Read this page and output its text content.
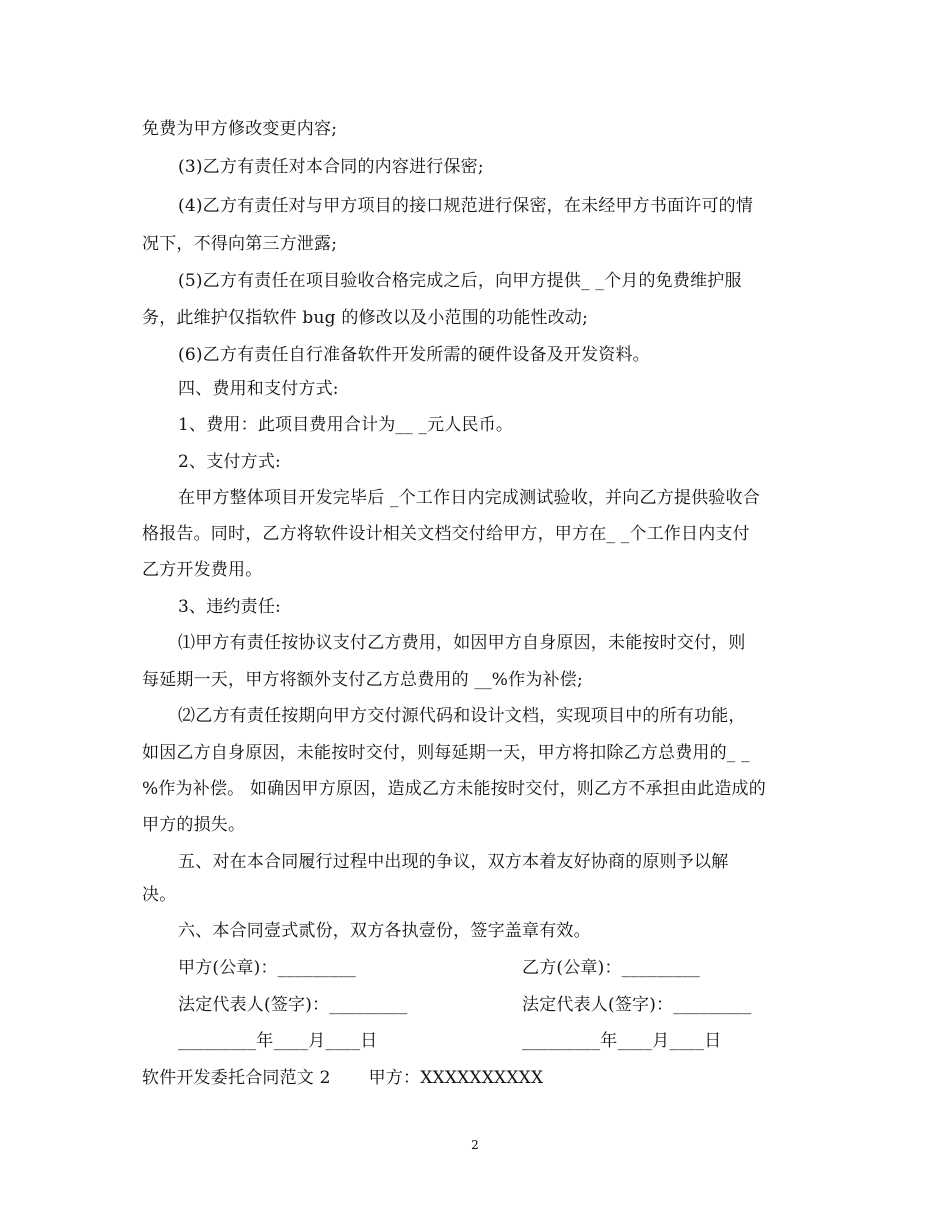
免费为甲方修改变更内容;
(3)乙方有责任对本合同的内容进行保密;
(4)乙方有责任对与甲方项目的接口规范进行保密，在未经甲方书面许可的情
况下，不得向第三方泄露;
(5)乙方有责任在项目验收合格完成之后，向甲方提供_ _个月的免费维护服
务，此维护仅指软件 bug 的修改以及小范围的功能性改动;
(6)乙方有责任自行准备软件开发所需的硬件设备及开发资料。
四、费用和支付方式:
1、费用：此项目费用合计为__ _元人民币。
2、支付方式:
在甲方整体项目开发完毕后 _个工作日内完成测试验收，并向乙方提供验收合
格报告。同时，乙方将软件设计相关文档交付给甲方，甲方在_ _个工作日内支付
乙方开发费用。
3、违约责任:
⑴甲方有责任按协议支付乙方费用，如因甲方自身原因，未能按时交付，则
每延期一天，甲方将额外支付乙方总费用的 __%作为补偿;
⑵乙方有责任按期向甲方交付源代码和设计文档，实现项目中的所有功能，
如因乙方自身原因，未能按时交付，则每延期一天，甲方将扣除乙方总费用的_ _
%作为补偿。 如确因甲方原因，造成乙方未能按时交付，则乙方不承担由此造成的
甲方的损失。
五、对在本合同履行过程中出现的争议，双方本着友好协商的原则予以解
决。
六、本合同壹式贰份，双方各执壹份，签字盖章有效。
甲方(公章)：_________	乙方(公章)：_________
法定代表人(签字)：_________	法定代表人(签字)：_________
_________年____月____日	_________年____月____日
软件开发委托合同范文 2 甲方：XXXXXXXXXX
2
